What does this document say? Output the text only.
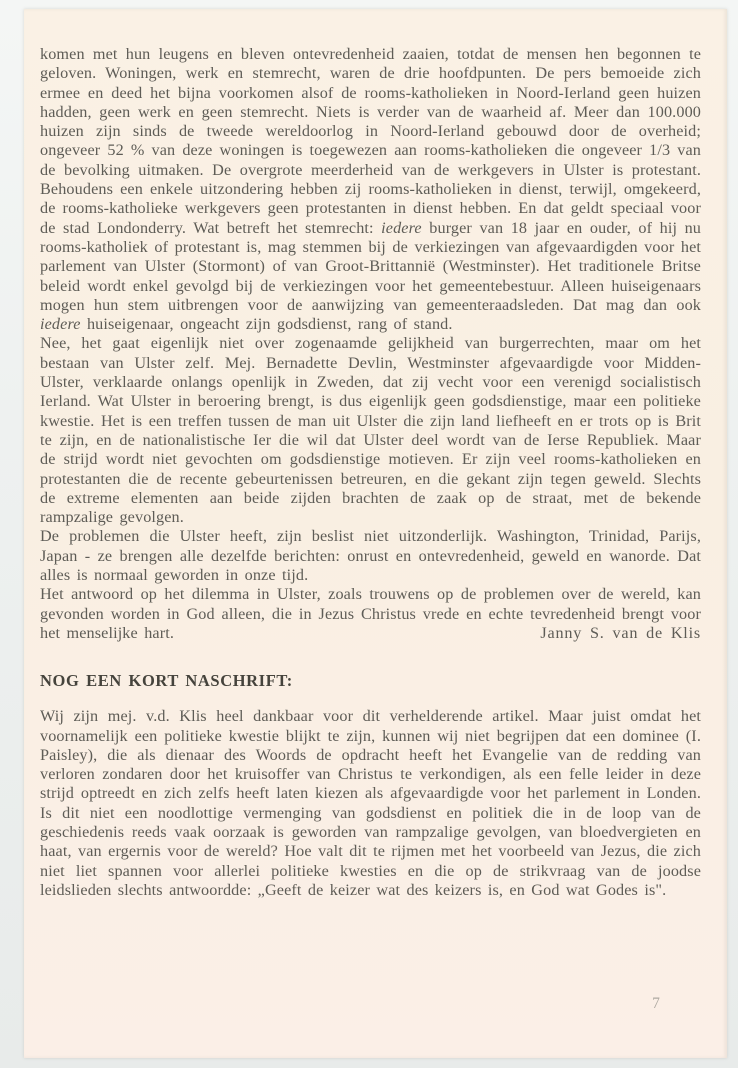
komen met hun leugens en bleven ontevredenheid zaaien, totdat de mensen hen begonnen te geloven. Woningen, werk en stemrecht, waren de drie hoofdpunten. De pers bemoeide zich ermee en deed het bijna voorkomen alsof de rooms-katholieken in Noord-Ierland geen huizen hadden, geen werk en geen stemrecht. Niets is verder van de waarheid af. Meer dan 100.000 huizen zijn sinds de tweede wereldoorlog in Noord-Ierland gebouwd door de overheid; ongeveer 52 % van deze woningen is toegewezen aan rooms-katholieken die ongeveer 1/3 van de bevolking uitmaken. De overgrote meerderheid van de werkgevers in Ulster is protestant. Behoudens een enkele uitzondering hebben zij rooms-katholieken in dienst, terwijl, omgekeerd, de rooms-katholieke werkgevers geen protestanten in dienst hebben. En dat geldt speciaal voor de stad Londonderry. Wat betreft het stemrecht: iedere burger van 18 jaar en ouder, of hij nu rooms-katholiek of protestant is, mag stemmen bij de verkiezingen van afgevaardigden voor het parlement van Ulster (Stormont) of van Groot-Brittannië (Westminster). Het traditionele Britse beleid wordt enkel gevolgd bij de verkiezingen voor het gemeentebestuur. Alleen huiseigenaars mogen hun stem uitbrengen voor de aanwijzing van gemeenteraadsleden. Dat mag dan ook iedere huiseigenaar, ongeacht zijn godsdienst, rang of stand.

Nee, het gaat eigenlijk niet over zogenaamde gelijkheid van burgerrechten, maar om het bestaan van Ulster zelf. Mej. Bernadette Devlin, Westminster afgevaardigde voor Midden-Ulster, verklaarde onlangs openlijk in Zweden, dat zij vecht voor een verenigd socialistisch Ierland. Wat Ulster in beroering brengt, is dus eigenlijk geen godsdienstige, maar een politieke kwestie. Het is een treffen tussen de man uit Ulster die zijn land liefheeft en er trots op is Brit te zijn, en de nationalistische Ier die wil dat Ulster deel wordt van de Ierse Republiek. Maar de strijd wordt niet gevochten om godsdienstige motieven. Er zijn veel rooms-katholieken en protestanten die de recente gebeurtenissen betreuren, en die gekant zijn tegen geweld. Slechts de extreme elementen aan beide zijden brachten de zaak op de straat, met de bekende rampzalige gevolgen.

De problemen die Ulster heeft, zijn beslist niet uitzonderlijk. Washington, Trinidad, Parijs, Japan - ze brengen alle dezelfde berichten: onrust en ontevredenheid, geweld en wanorde. Dat alles is normaal geworden in onze tijd.

Het antwoord op het dilemma in Ulster, zoals trouwens op de problemen over de wereld, kan gevonden worden in God alleen, die in Jezus Christus vrede en echte tevredenheid brengt voor het menselijke hart.	Janny S. van de Klis

NOG EEN KORT NASCHRIFT:

Wij zijn mej. v.d. Klis heel dankbaar voor dit verhelderende artikel. Maar juist omdat het voornamelijk een politieke kwestie blijkt te zijn, kunnen wij niet begrijpen dat een dominee (I. Paisley), die als dienaar des Woords de opdracht heeft het Evangelie van de redding van verloren zondaren door het kruisoffer van Christus te verkondigen, als een felle leider in deze strijd optreedt en zich zelfs heeft laten kiezen als afgevaardigde voor het parlement in Londen. Is dit niet een noodlottige vermenging van godsdienst en politiek die in de loop van de geschiedenis reeds vaak oorzaak is geworden van rampzalige gevolgen, van bloedvergieten en haat, van ergernis voor de wereld? Hoe valt dit te rijmen met het voorbeeld van Jezus, die zich niet liet spannen voor allerlei politieke kwesties en die op de strikvraag van de joodse leidslieden slechts antwoordde: „Geeft de keizer wat des keizers is, en God wat Godes is".

7
